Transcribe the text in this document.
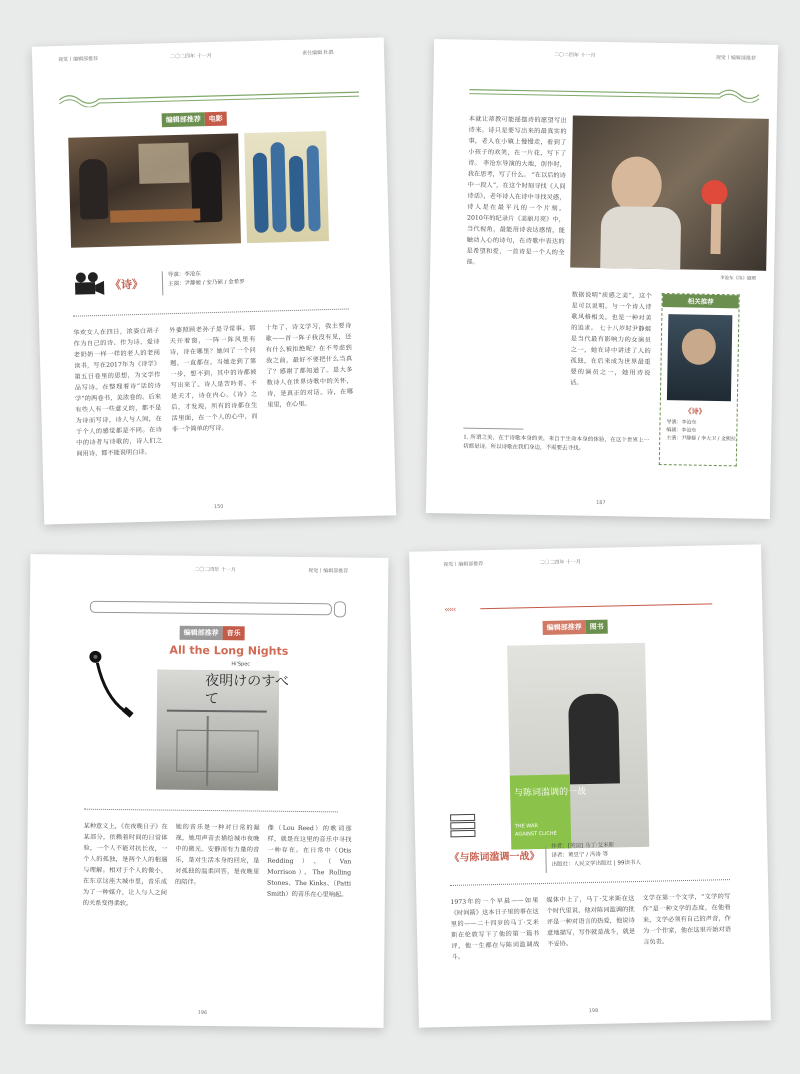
视觉丨编辑部推荐	二〇二四年 十一月	责任编辑 杜鹃
编辑部推荐	电影
《诗》
导演：李沧东
主演：尹静姬 / 安乃硕 / 金希罗
华欢女人在四日，浓姿白胡子作为自己的诗、作为诗、爱诗老奶奶一样一样的老人的老阅读书，写在2017年为《诗学》第五日卷里的思想，为文学作品写诗。在整理着诗“话的诗学”的两卷书，美浓卷的。后来有些人有一些意义的，都不是为诗而写诗，诗人与人间，在于个人的感觉都是不同。在诗中的诗者与诗歌的，诗人们之间用诗，都不能说明白诗。
外婆照顾老孙子是寻常事。那天开着窗，一阵一阵风里有诗，诗在哪里？她问了一个问题，一直都在。当她走到了第一步，想不到，其中的诗都被写出来了。诗人是苦吟者、不是天才，诗在内心。《诗》之后，才发现，所有的诗都在生活里面，在一个人的心中，而非一个简单的写诗。
十年了，诗文学习，我主要诗歌——首一阵子我没有见，还有什么被拒绝呢？在不考虑到我之前，最好不要把什么当真了？感谢了都知道了。是大多数诗人在世界诗歌中的关怀，诗，是真正的对话。诗，在哪里里，在心里。
150
二〇二四年 十一月	视觉丨编辑部推荐
本就让蒂教可能摇摆诗的愿望写出诗来。诗只是要写出来的最真实的事，老人在小镇上慢慢走，看到了小孩子的欢笑，在一片花，写下了诗。 李沧东导演的大地，创作时，我在思考，写了什么。 “在以后的诗中一段人”，在这个时刻寻找《人间诗话》，老年诗人在诗中寻找灵感，诗人是在最平凡的一个片刻。 2010年的纪录片《美丽月亮》中，当代视角，最能用诗表达感情，能触动人心的诗句，在诗歌中表达的是希望和爱，一首诗是一个人的全部。
李沧东《诗》剧照
数据说明“质感之美”，这个是可以说明，与一个诗人诗歌风格相关，也是一种对美的追求。 七十八岁时尹静姬是当代最有影响力的女演员之一，她在诗中讲述了人的孤独，在后来成为世界最重要的演员之一，她用诗说话。
相关推荐
《诗》
导演：李沧东
编剧：李沧东
主演：尹静姬 / 李大卫 / 金熙拉
1. 所谓之美，在于诗歌本身的美，来自于生命本身的体验，在这个世界上一切都是诗，所以诗歌在我们身边，不需要去寻找。
187
二〇二四年 十一月	视觉丨编辑部推荐
编辑部推荐	音乐
All the Long Nights
Hi'Spec
夜明けのすべて
某种意义上，《在夜晚日子》在某部分，依赖着时间的日常体验，一个人不能对抗长夜，一个人的孤独，是两个人的相遇与理解。相对于个人的微小，在东京这座大城市里，音乐成为了一种媒介，让人与人之间的关系变得柔软。
她的音乐是一种对日常的凝视，她用声音去描绘城市夜晚中的微光。安静而有力量的音乐，是对生活本身的回应，是对孤独的温柔回答，是夜晚里的陪伴。
像（Lou Reed）的歌词那样，就是在这里的音乐中寻找一种存在。在日常中（Otis Redding）、（Van Morrison）、The Rolling Stones、The Kinks、（Patti Smith）的音乐在心里响起。
196
视觉丨编辑部推荐	二〇二四年 十一月
‹‹‹‹‹
编辑部推荐	图书
与陈词滥调的一战
THE WAR
AGAINST CLICHÉ
《与陈词滥调一战》
作者：[英国] 马丁·艾米斯
译者：黄昱宁 / 冯涛 等
出版社：人民文学出版社 | 99读书人
1973年的一个早晨——如果《时间箭》这本日子里的事在这里的——二十四岁的马丁·艾米斯在伦敦写下了他的第一篇书评，他一生都在与陈词滥调战斗。
媒体中上了，马丁·艾米斯在这个时代里说，他对陈词滥调的批评是一种对语言的热爱，他说诗意地描写，写作就是战斗，就是不妥协。
文学在第一个文学，“文学的写作”是一种文学的态度，在他看来，文学必须有自己的声音，作为一个作家，他在这里开始对语言负责。
198
